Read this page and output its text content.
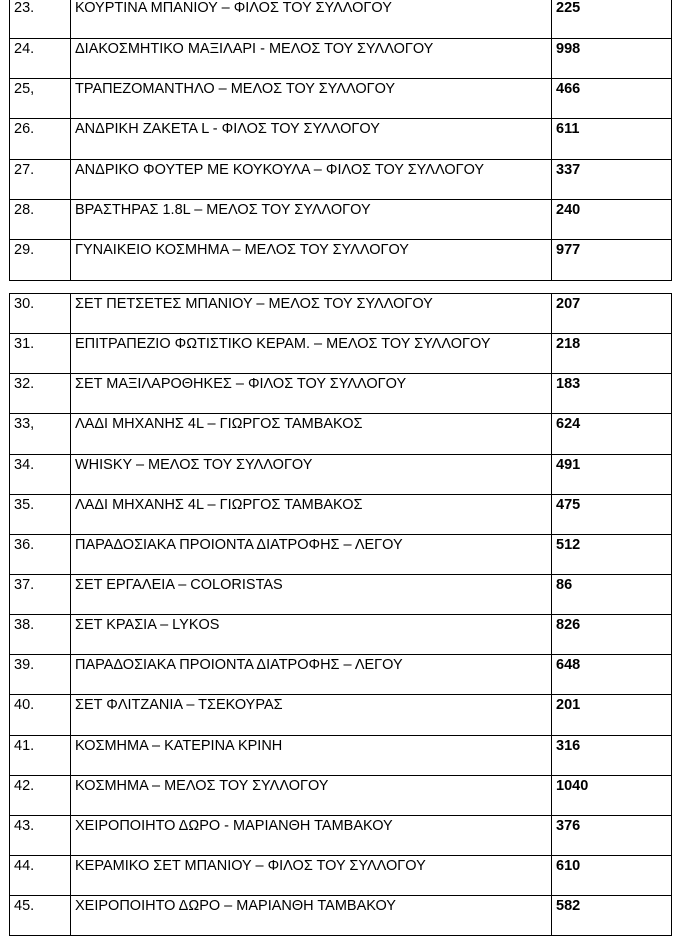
23.	ΚΟΥΡΤΙΝΑ ΜΠΑΝΙΟΥ – ΦΙΛΟΣ ΤΟΥ ΣΥΛΛΟΓΟΥ	225
24.	ΔΙΑΚΟΣΜΗΤΙΚΟ ΜΑΞΙΛΑΡΙ - ΜΕΛΟΣ ΤΟΥ ΣΥΛΛΟΓΟΥ	998
25,	ΤΡΑΠΕΖΟΜΑΝΤΗΛΟ – ΜΕΛΟΣ ΤΟΥ ΣΥΛΛΟΓΟΥ	466
26.	ΑΝΔΡΙΚΗ ΖΑΚΕΤΑ L - ΦΙΛΟΣ ΤΟΥ ΣΥΛΛΟΓΟΥ	611
27.	ΑΝΔΡΙΚΟ ΦΟΥΤΕΡ ΜΕ ΚΟΥΚΟΥΛΑ – ΦΙΛΟΣ ΤΟΥ ΣΥΛΛΟΓΟΥ	337
28.	ΒΡΑΣΤΗΡΑΣ 1.8L – ΜΕΛΟΣ ΤΟΥ ΣΥΛΛΟΓΟΥ	240
29.	ΓΥΝΑΙΚΕΙΟ ΚΟΣΜΗΜΑ – ΜΕΛΟΣ ΤΟΥ ΣΥΛΛΟΓΟΥ	977
30.	ΣΕΤ ΠΕΤΣΕΤΕΣ ΜΠΑΝΙΟΥ – ΜΕΛΟΣ ΤΟΥ ΣΥΛΛΟΓΟΥ	207
31.	ΕΠΙΤΡΑΠΕΖΙΟ ΦΩΤΙΣΤΙΚΟ ΚΕΡΑΜ. – ΜΕΛΟΣ ΤΟΥ ΣΥΛΛΟΓΟΥ	218
32.	ΣΕΤ ΜΑΞΙΛΑΡΟΘΗΚΕΣ – ΦΙΛΟΣ ΤΟΥ ΣΥΛΛΟΓΟΥ	183
33,	ΛΑΔΙ ΜΗΧΑΝΗΣ 4L – ΓΙΩΡΓΟΣ ΤΑΜΒΑΚΟΣ	624
34.	WHISKY – ΜΕΛΟΣ ΤΟΥ ΣΥΛΛΟΓΟΥ	491
35.	ΛΑΔΙ ΜΗΧΑΝΗΣ 4L – ΓΙΩΡΓΟΣ ΤΑΜΒΑΚΟΣ	475
36.	ΠΑΡΑΔΟΣΙΑΚΑ ΠΡΟΙΟΝΤΑ ΔΙΑΤΡΟΦΗΣ – ΛΕΓΟΥ	512
37.	ΣΕΤ ΕΡΓΑΛΕΙΑ – COLORISTAS	86
38.	ΣΕΤ ΚΡΑΣΙΑ – LYKOS	826
39.	ΠΑΡΑΔΟΣΙΑΚΑ ΠΡΟΙΟΝΤΑ ΔΙΑΤΡΟΦΗΣ – ΛΕΓΟΥ	648
40.	ΣΕΤ ΦΛΙΤΖΑΝΙΑ – ΤΣΕΚΟΥΡΑΣ	201
41.	ΚΟΣΜΗΜΑ – ΚΑΤΕΡΙΝΑ ΚΡΙΝΗ	316
42.	ΚΟΣΜΗΜΑ – ΜΕΛΟΣ ΤΟΥ ΣΥΛΛΟΓΟΥ	1040
43.	ΧΕΙΡΟΠΟΙΗΤΟ ΔΩΡΟ - ΜΑΡΙΑΝΘΗ ΤΑΜΒΑΚΟΥ	376
44.	ΚΕΡΑΜΙΚΟ ΣΕΤ ΜΠΑΝΙΟΥ – ΦΙΛΟΣ ΤΟΥ ΣΥΛΛΟΓΟΥ	610
45.	ΧΕΙΡΟΠΟΙΗΤΟ ΔΩΡΟ – ΜΑΡΙΑΝΘΗ ΤΑΜΒΑΚΟΥ	582
